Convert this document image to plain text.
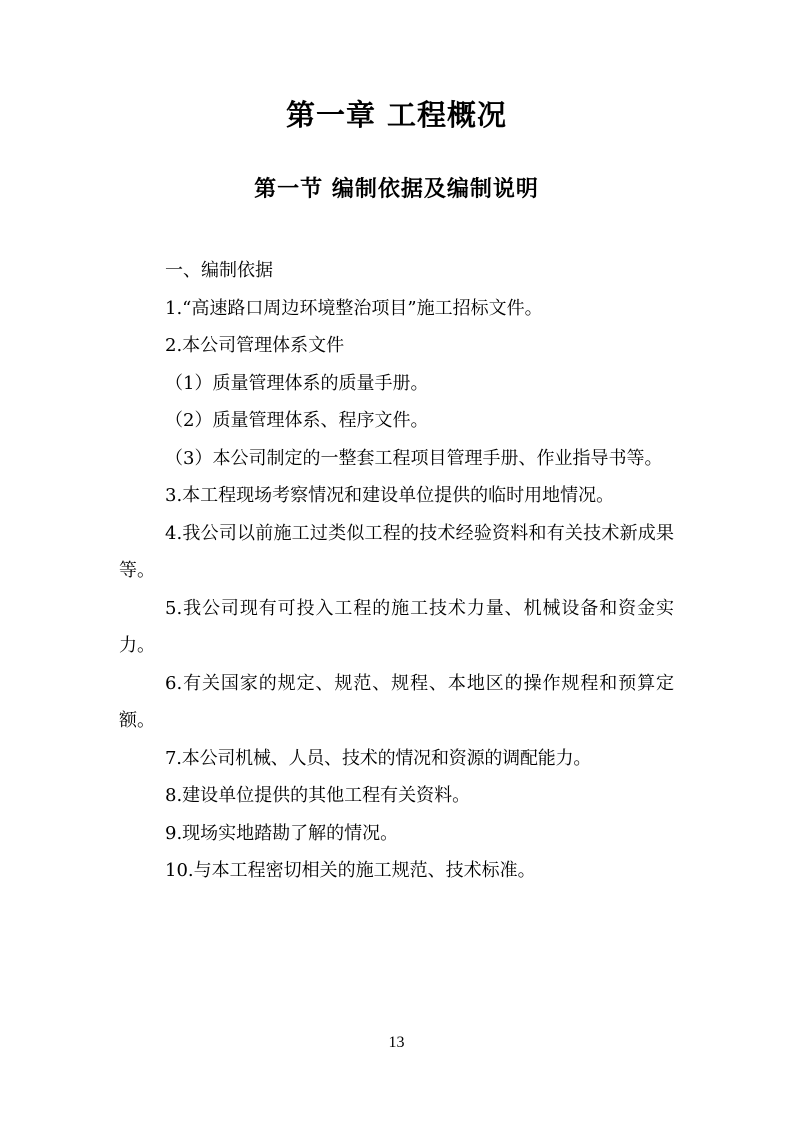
第一章 工程概况
第一节 编制依据及编制说明

一、编制依据

1.“高速路口周边环境整治项目”施工招标文件。

2.本公司管理体系文件

（1）质量管理体系的质量手册。

（2）质量管理体系、程序文件。

（3）本公司制定的一整套工程项目管理手册、作业指导书等。

3.本工程现场考察情况和建设单位提供的临时用地情况。

4.我公司以前施工过类似工程的技术经验资料和有关技术新成果等。

5.我公司现有可投入工程的施工技术力量、机械设备和资金实力。

6.有关国家的规定、规范、规程、本地区的操作规程和预算定额。

7.本公司机械、人员、技术的情况和资源的调配能力。

8.建设单位提供的其他工程有关资料。

9.现场实地踏勘了解的情况。

10.与本工程密切相关的施工规范、技术标准。

13
